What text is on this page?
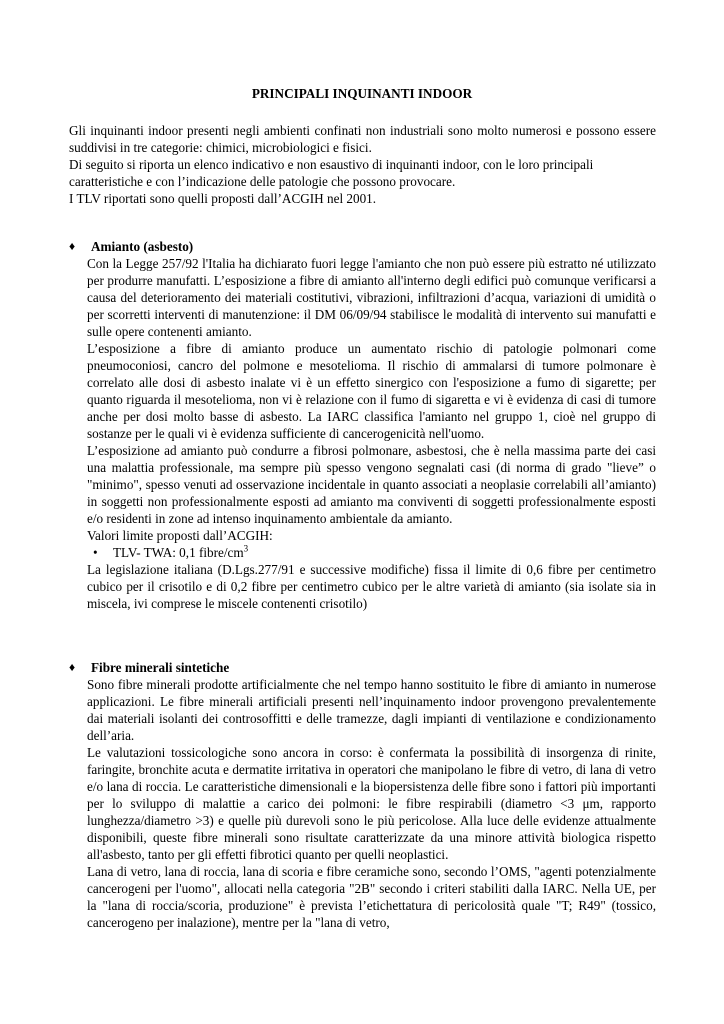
PRINCIPALI INQUINANTI INDOOR

Gli inquinanti indoor presenti negli ambienti confinati non industriali sono molto numerosi e possono essere suddivisi in tre categorie: chimici, microbiologici e fisici.

Di seguito si riporta un elenco indicativo e non esaustivo di inquinanti indoor, con le loro principali caratteristiche e con l’indicazione delle patologie che possono provocare.

I TLV riportati sono quelli proposti dall’ACGIH nel 2001.

♦ Amianto (asbesto)

Con la Legge 257/92 l'Italia ha dichiarato fuori legge l'amianto che non può essere più estratto né utilizzato per produrre manufatti. L’esposizione a fibre di amianto all'interno degli edifici può comunque verificarsi a causa del deterioramento dei materiali costitutivi, vibrazioni, infiltrazioni d’acqua, variazioni di umidità o per scorretti interventi di manutenzione: il DM 06/09/94 stabilisce le modalità di intervento sui manufatti e sulle opere contenenti amianto.

L’esposizione a fibre di amianto produce un aumentato rischio di patologie polmonari come pneumoconiosi, cancro del polmone e mesotelioma. Il rischio di ammalarsi di tumore polmonare è correlato alle dosi di asbesto inalate vi è un effetto sinergico con l'esposizione a fumo di sigarette; per quanto riguarda il mesotelioma, non vi è relazione con il fumo di sigaretta e vi è evidenza di casi di tumore anche per dosi molto basse di asbesto. La IARC classifica l'amianto nel gruppo 1, cioè nel gruppo di sostanze per le quali vi è evidenza sufficiente di cancerogenicità nell'uomo.

L’esposizione ad amianto può condurre a fibrosi polmonare, asbestosi, che è nella massima parte dei casi una malattia professionale, ma sempre più spesso vengono segnalati casi (di norma di grado "lieve” o "minimo", spesso venuti ad osservazione incidentale in quanto associati a neoplasie correlabili all’amianto) in soggetti non professionalmente esposti ad amianto ma conviventi di soggetti professionalmente esposti e/o residenti in zone ad intenso inquinamento ambientale da amianto.

Valori limite proposti dall’ACGIH:

• TLV- TWA: 0,1 fibre/$cm^3$

La legislazione italiana (D.Lgs.277/91 e successive modifiche) fissa il limite di 0,6 fibre per centimetro cubico per il crisotilo e di 0,2 fibre per centimetro cubico per le altre varietà di amianto (sia isolate sia in miscela, ivi comprese le miscele contenenti crisotilo)

♦ Fibre minerali sintetiche

Sono fibre minerali prodotte artificialmente che nel tempo hanno sostituito le fibre di amianto in numerose applicazioni. Le fibre minerali artificiali presenti nell’inquinamento indoor provengono prevalentemente dai materiali isolanti dei controsoffitti e delle tramezze, dagli impianti di ventilazione e condizionamento dell’aria.

Le valutazioni tossicologiche sono ancora in corso: è confermata la possibilità di insorgenza di rinite, faringite, bronchite acuta e dermatite irritativa in operatori che manipolano le fibre di vetro, di lana di vetro e/o lana di roccia. Le caratteristiche dimensionali e la biopersistenza delle fibre sono i fattori più importanti per lo sviluppo di malattie a carico dei polmoni: le fibre respirabili (diametro <3 μm, rapporto lunghezza/diametro >3) e quelle più durevoli sono le più pericolose. Alla luce delle evidenze attualmente disponibili, queste fibre minerali sono risultate caratterizzate da una minore attività biologica rispetto all'asbesto, tanto per gli effetti fibrotici quanto per quelli neoplastici.

Lana di vetro, lana di roccia, lana di scoria e fibre ceramiche sono, secondo l’OMS, "agenti potenzialmente cancerogeni per l'uomo", allocati nella categoria "2B" secondo i criteri stabiliti dalla IARC. Nella UE, per la "lana di roccia/scoria, produzione" è prevista l’etichettatura di pericolosità quale "T; R49" (tossico, cancerogeno per inalazione), mentre per la "lana di vetro,
